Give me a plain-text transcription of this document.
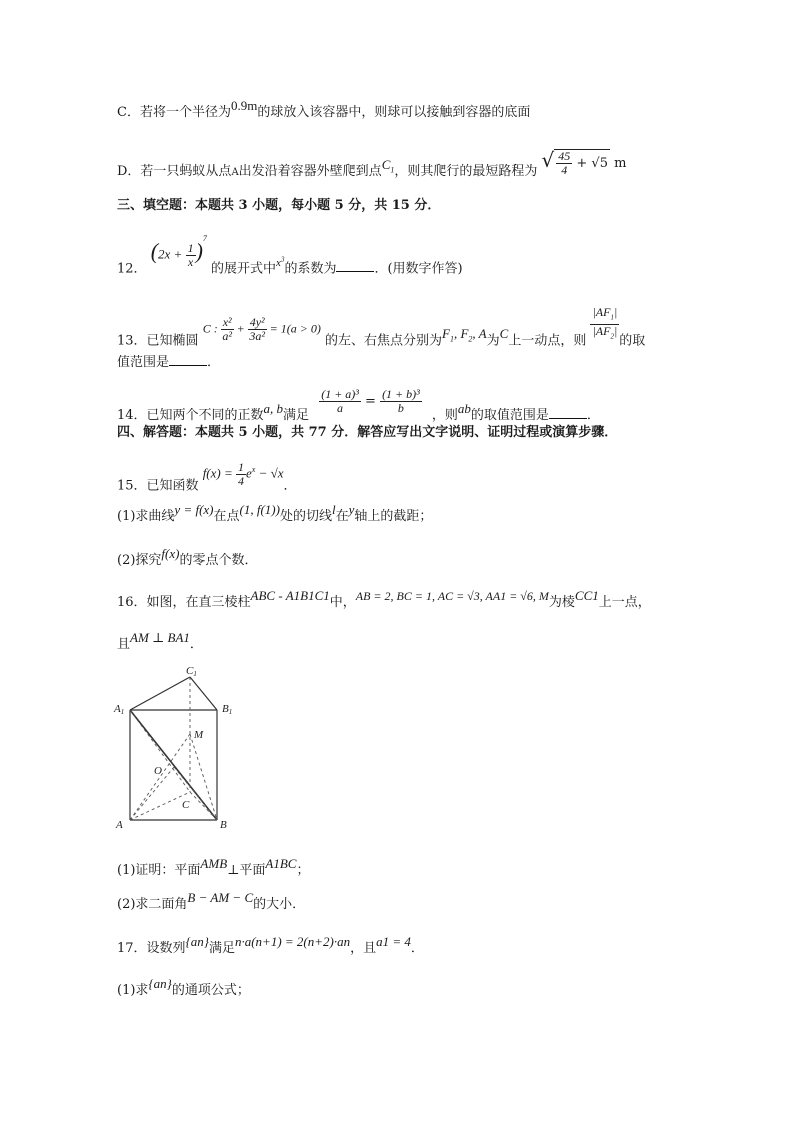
C．若将一个半径为0.9m的球放入该容器中，则球可以接触到容器的底面
D．若一只蚂蚁从点A出发沿着容器外壁爬到点$C_1$，则其爬行的最短路程为 √ $\frac{45}{4} + √5$ m
三、填空题：本题共 3 小题，每小题 5 分，共 15 分．
12． $(2x + \frac{1}{x} )^7$ 的展开式中$^{x^3}$的系数为	．(用数字作答)
13．已知椭圆 C : $\frac{\text{x²}}{\text{a²}} + \frac{\text{4y²}}{\text{3a²}} = 1(a > 0)$ 的左、右焦点分别为$F_1$, $F_2$, A为C上一动点，则 $\frac{|AF_1|}{|AF_2|}$ 的取
值范围是	．
14．已知两个不同的正数a, b满足
$\frac{\text{(1 + a)³}}{a} = \frac{\text{(1 + b)³}}{b}$
，则ab的取值范围是	．
四、解答题：本题共 5 小题，共 77 分．解答应写出文字说明、证明过程或演算步骤．
15．已知函数 $f(x) = \frac{1}{4} e^x - √x$．
(1)求曲线y = f(x)在点(1, f(1))处的切线l在y轴上的截距；
(2)探究f(x)的零点个数．
16．如图，在直三棱柱ABC - A1B1C1中，AB = 2, BC = 1, AC = √3, AA1 = √6, M为棱CC1上一点，
且AM ⊥ BA1．
C1
A1	B1
M
O
C
A	B
(1)证明：平面AMB⊥平面A1BC；
(2)求二面角B − AM − C的大小．
17．设数列{an}满足n·a(n+1) = 2(n+2)·an，且a1 = 4．
(1)求{an}的通项公式；
